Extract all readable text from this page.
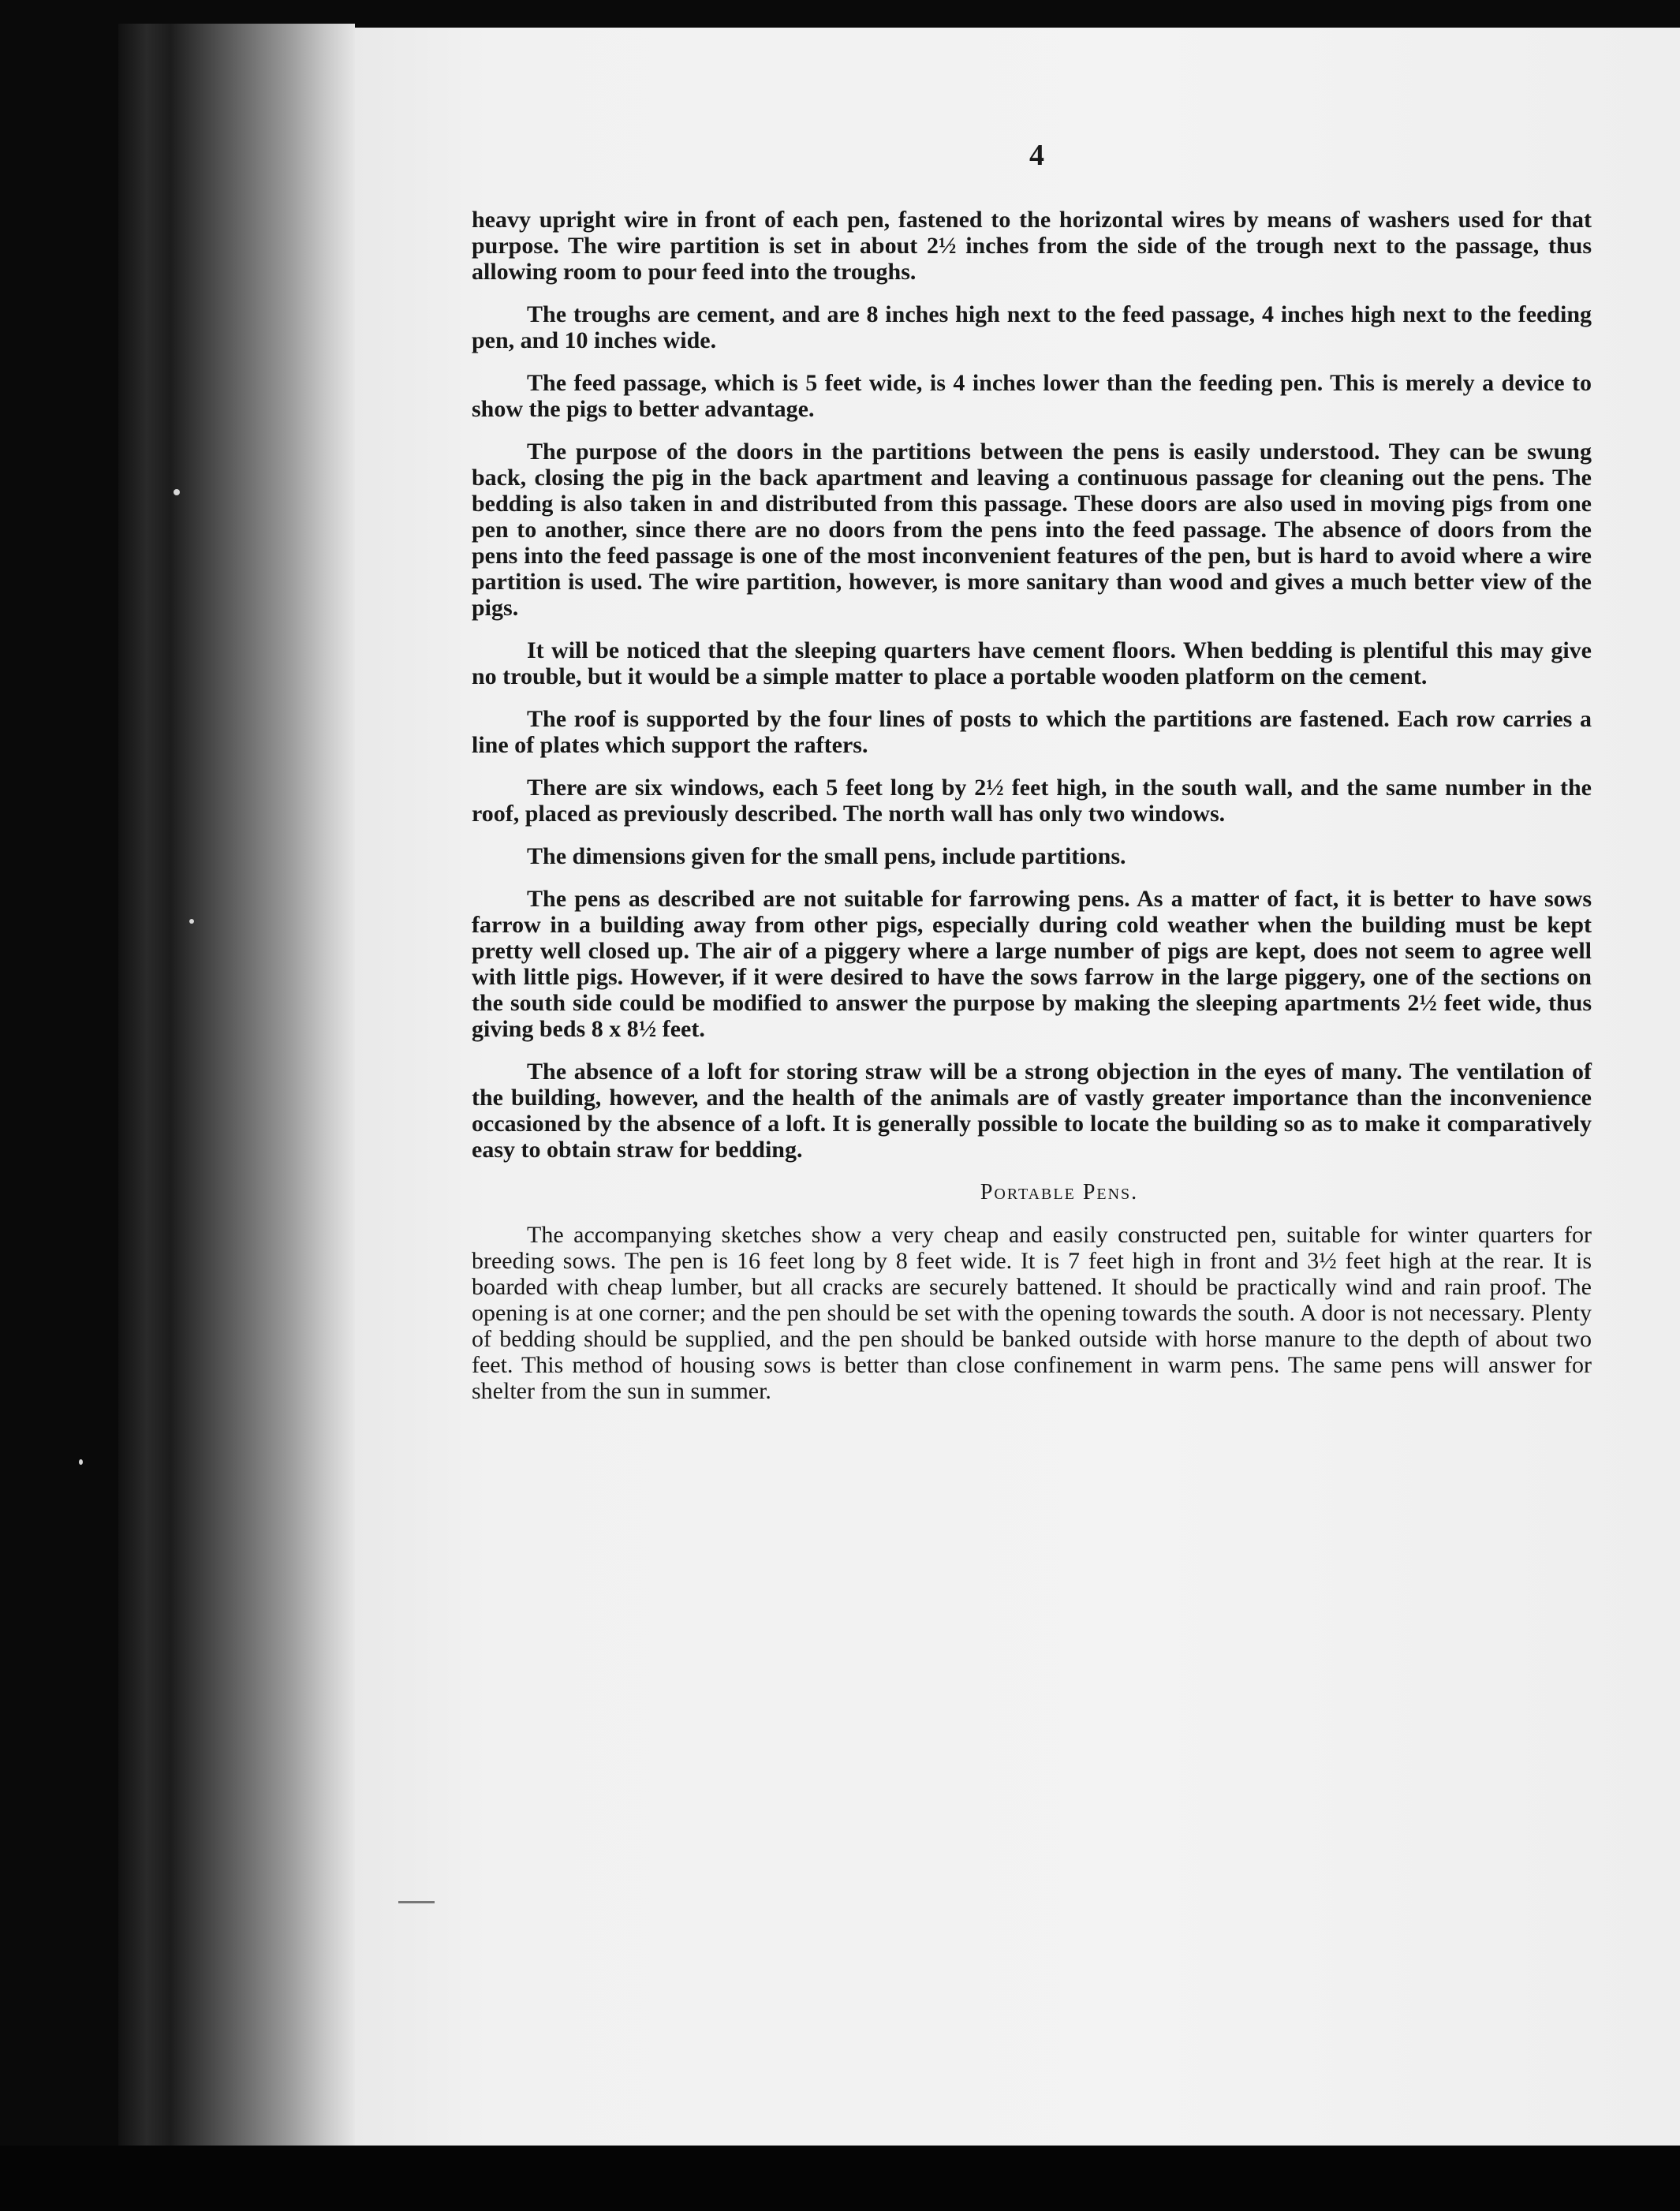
4

heavy upright wire in front of each pen, fastened to the horizontal wires by means of washers used for that purpose. The wire partition is set in about 2½ inches from the side of the trough next to the passage, thus allowing room to pour feed into the troughs.

The troughs are cement, and are 8 inches high next to the feed passage, 4 inches high next to the feeding pen, and 10 inches wide.

The feed passage, which is 5 feet wide, is 4 inches lower than the feeding pen. This is merely a device to show the pigs to better advantage.

The purpose of the doors in the partitions between the pens is easily understood. They can be swung back, closing the pig in the back apartment and leaving a continuous passage for cleaning out the pens. The bedding is also taken in and distributed from this passage. These doors are also used in moving pigs from one pen to another, since there are no doors from the pens into the feed passage. The absence of doors from the pens into the feed passage is one of the most inconvenient features of the pen, but is hard to avoid where a wire partition is used. The wire partition, however, is more sanitary than wood and gives a much better view of the pigs.

It will be noticed that the sleeping quarters have cement floors. When bedding is plentiful this may give no trouble, but it would be a simple matter to place a portable wooden platform on the cement.

The roof is supported by the four lines of posts to which the partitions are fastened. Each row carries a line of plates which support the rafters.

There are six windows, each 5 feet long by 2½ feet high, in the south wall, and the same number in the roof, placed as previously described. The north wall has only two windows.

The dimensions given for the small pens, include partitions.

The pens as described are not suitable for farrowing pens. As a matter of fact, it is better to have sows farrow in a building away from other pigs, especially during cold weather when the building must be kept pretty well closed up. The air of a piggery where a large number of pigs are kept, does not seem to agree well with little pigs. However, if it were desired to have the sows farrow in the large piggery, one of the sections on the south side could be modified to answer the purpose by making the sleeping apartments 2½ feet wide, thus giving beds 8 x 8½ feet.

The absence of a loft for storing straw will be a strong objection in the eyes of many. The ventilation of the building, however, and the health of the animals are of vastly greater importance than the inconvenience occasioned by the absence of a loft. It is generally possible to locate the building so as to make it comparatively easy to obtain straw for bedding.

Portable Pens.

The accompanying sketches show a very cheap and easily constructed pen, suitable for winter quarters for breeding sows. The pen is 16 feet long by 8 feet wide. It is 7 feet high in front and 3½ feet high at the rear. It is boarded with cheap lumber, but all cracks are securely battened. It should be practically wind and rain proof. The opening is at one corner; and the pen should be set with the opening towards the south. A door is not necessary. Plenty of bedding should be supplied, and the pen should be banked outside with horse manure to the depth of about two feet. This method of housing sows is better than close confinement in warm pens. The same pens will answer for shelter from the sun in summer.
